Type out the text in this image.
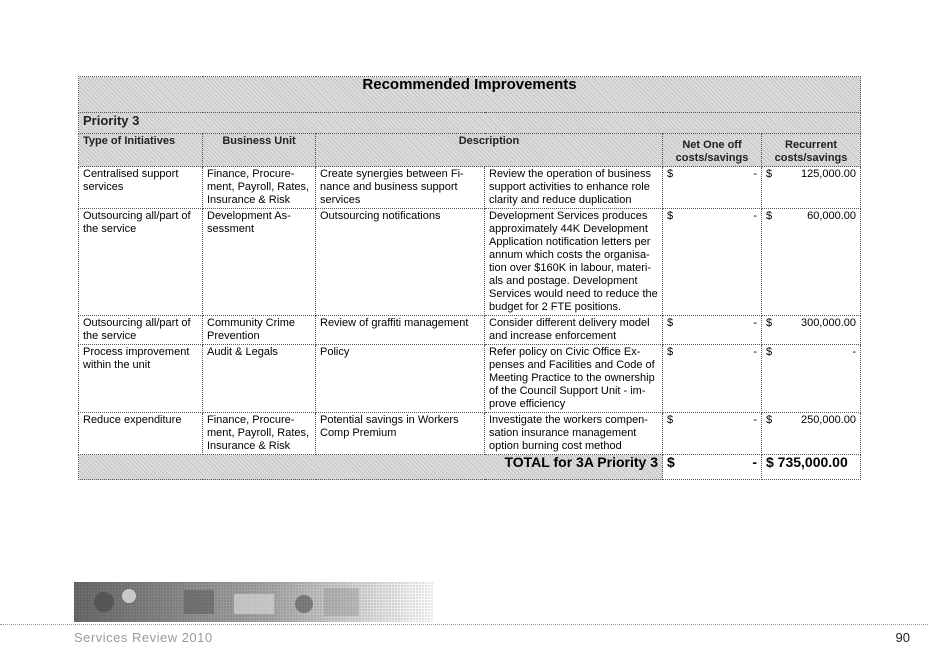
Recommended Improvements					
Priority 3					
Type of Initiatives	Business Unit	Description		Net One off costs/savings	Recurrent costs/savings
Centralised support services	Finance, Procure-ment, Payroll, Rates, Insurance & Risk	Create synergies between Fi-nance and business support services	Review the operation of business support activities to enhance role clarity and reduce duplication	$ -	$ 125,000.00

Outsourcing all/part of the service	Development As-sessment	Outsourcing notifications	Development Services produces approximately 44K Development Application notification letters per annum which costs the organisa-tion over $160K in labour, materi-als and postage. Development Services would need to reduce the budget for 2 FTE positions.	$ -	$ 60,000.00

Outsourcing all/part of the service	Community Crime Prevention	Review of graffiti management	Consider different delivery model and increase enforcement	$ -	$ 300,000.00

Process improvement within the unit	Audit & Legals	Policy	Refer policy on Civic Office Ex-penses and Facilities and Code of Meeting Practice to the ownership of the Council Support Unit - im-prove efficiency	$ -	$ -

Reduce expenditure	Finance, Procure-ment, Payroll, Rates, Insurance & Risk	Potential savings in Workers Comp Premium	Investigate the workers compen-sation insurance management option burning cost method	$ -	$ 250,000.00

TOTAL for 3A Priority 3				$ -	$ 735,000.00
Services Review 2010	90
